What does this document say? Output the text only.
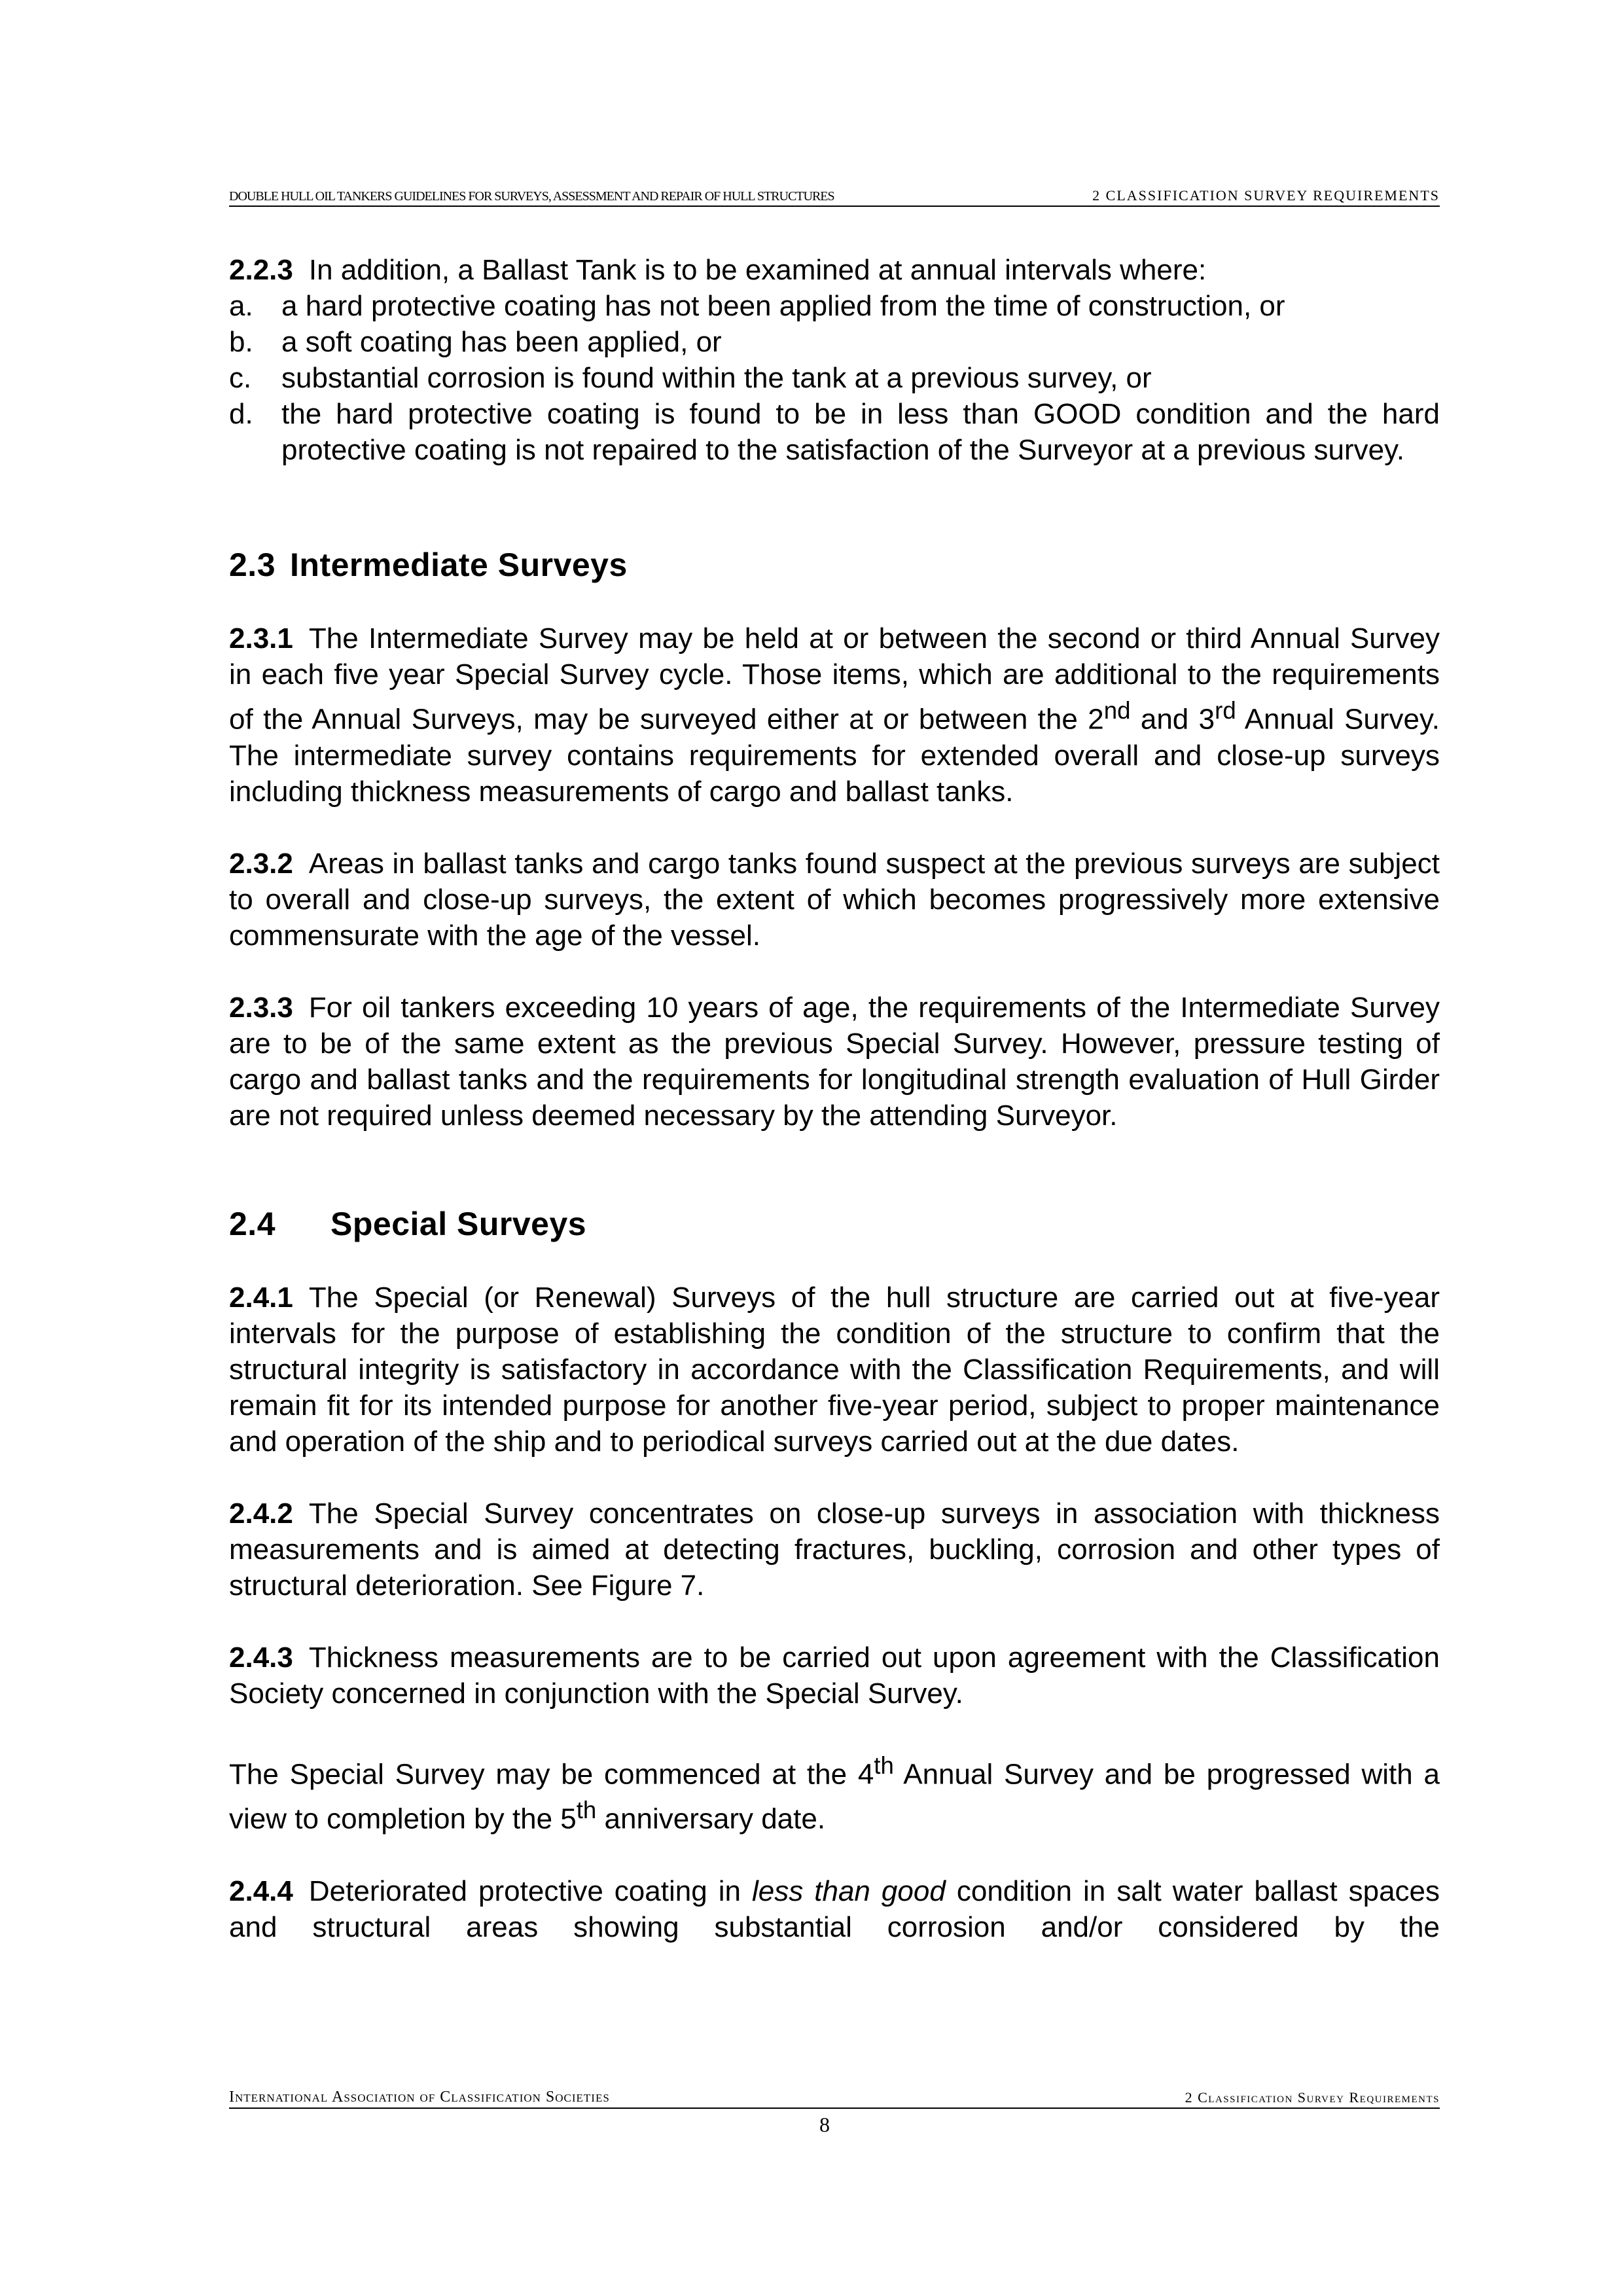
DOUBLE HULL OIL TANKERS GUIDELINES FOR SURVEYS, ASSESSMENT AND REPAIR OF HULL STRUCTURES	2 CLASSIFICATION SURVEY REQUIREMENTS

2.2.3 In addition, a Ballast Tank is to be examined at annual intervals where:

a. a hard protective coating has not been applied from the time of construction, or
b. a soft coating has been applied, or
c.	substantial corrosion is found within the tank at a previous survey, or
d. the hard protective coating is found to be in less than GOOD condition and the hard protective coating is not repaired to the satisfaction of the Surveyor at a previous survey.
2.3 Intermediate Surveys

2.3.1 The Intermediate Survey may be held at or between the second or third Annual Survey in each five year Special Survey cycle. Those items, which are additional to the requirements of the Annual Surveys, may be surveyed either at or between the 2nd and 3rd Annual Survey. The intermediate survey contains requirements for extended overall and close-up surveys including thickness measurements of cargo and ballast tanks.

2.3.2 Areas in ballast tanks and cargo tanks found suspect at the previous surveys are subject to overall and close-up surveys, the extent of which becomes progressively more extensive commensurate with the age of the vessel.

2.3.3 For oil tankers exceeding 10 years of age, the requirements of the Intermediate Survey are to be of the same extent as the previous Special Survey. However, pressure testing of cargo and ballast tanks and the requirements for longitudinal strength evaluation of Hull Girder are not required unless deemed necessary by the attending Surveyor.

2.4 Special Surveys

2.4.1 The Special (or Renewal) Surveys of the hull structure are carried out at five-year intervals for the purpose of establishing the condition of the structure to confirm that the structural integrity is satisfactory in accordance with the Classification Requirements, and will remain fit for its intended purpose for another five-year period, subject to proper maintenance and operation of the ship and to periodical surveys carried out at the due dates.

2.4.2 The Special Survey concentrates on close-up surveys in association with thickness measurements and is aimed at detecting fractures, buckling, corrosion and other types of structural deterioration. See Figure 7.

2.4.3 Thickness measurements are to be carried out upon agreement with the Classification Society concerned in conjunction with the Special Survey.

The Special Survey may be commenced at the 4th Annual Survey and be progressed with a view to completion by the 5th anniversary date.

2.4.4 Deteriorated protective coating in less than good condition in salt water ballast spaces and structural areas showing substantial corrosion and/or considered by the

International Association of Classification Societies	2 Classification Survey Requirements
8
